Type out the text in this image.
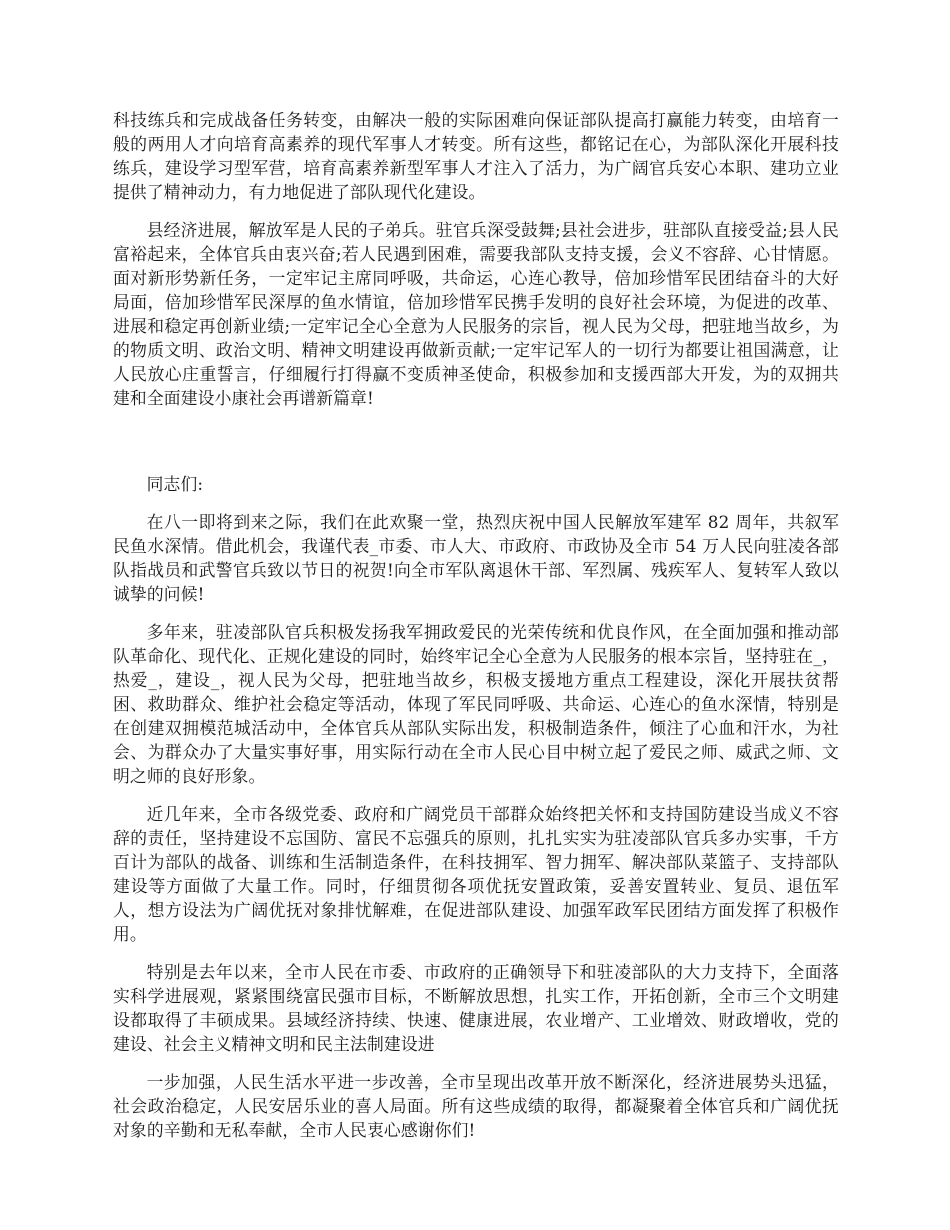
科技练兵和完成战备任务转变，由解决一般的实际困难向保证部队提高打赢能力转变，由培育一般的两用人才向培育高素养的现代军事人才转变。所有这些，都铭记在心，为部队深化开展科技练兵，建设学习型军营，培育高素养新型军事人才注入了活力，为广阔官兵安心本职、建功立业提供了精神动力，有力地促进了部队现代化建设。

县经济进展，解放军是人民的子弟兵。驻官兵深受鼓舞;县社会进步，驻部队直接受益;县人民富裕起来，全体官兵由衷兴奋;若人民遇到困难，需要我部队支持支援，会义不容辞、心甘情愿。面对新形势新任务，一定牢记主席同呼吸，共命运，心连心教导，倍加珍惜军民团结奋斗的大好局面，倍加珍惜军民深厚的鱼水情谊，倍加珍惜军民携手发明的良好社会环境，为促进的改革、进展和稳定再创新业绩;一定牢记全心全意为人民服务的宗旨，视人民为父母，把驻地当故乡，为的物质文明、政治文明、精神文明建设再做新贡献;一定牢记军人的一切行为都要让祖国满意，让人民放心庄重誓言，仔细履行打得赢不变质神圣使命，积极参加和支援西部大开发，为的双拥共建和全面建设小康社会再谱新篇章!

同志们:

在八一即将到来之际，我们在此欢聚一堂，热烈庆祝中国人民解放军建军 82 周年，共叙军民鱼水深情。借此机会，我谨代表_市委、市人大、市政府、市政协及全市 54 万人民向驻凌各部队指战员和武警官兵致以节日的祝贺!向全市军队离退休干部、军烈属、残疾军人、复转军人致以诚挚的问候!

多年来，驻凌部队官兵积极发扬我军拥政爱民的光荣传统和优良作风，在全面加强和推动部队革命化、现代化、正规化建设的同时，始终牢记全心全意为人民服务的根本宗旨，坚持驻在_，热爱_，建设_，视人民为父母，把驻地当故乡，积极支援地方重点工程建设，深化开展扶贫帮困、救助群众、维护社会稳定等活动，体现了军民同呼吸、共命运、心连心的鱼水深情，特别是在创建双拥模范城活动中，全体官兵从部队实际出发，积极制造条件，倾注了心血和汗水，为社会、为群众办了大量实事好事，用实际行动在全市人民心目中树立起了爱民之师、威武之师、文明之师的良好形象。

近几年来，全市各级党委、政府和广阔党员干部群众始终把关怀和支持国防建设当成义不容辞的责任，坚持建设不忘国防、富民不忘强兵的原则，扎扎实实为驻凌部队官兵多办实事，千方百计为部队的战备、训练和生活制造条件，在科技拥军、智力拥军、解决部队菜篮子、支持部队建设等方面做了大量工作。同时，仔细贯彻各项优抚安置政策，妥善安置转业、复员、退伍军人，想方设法为广阔优抚对象排忧解难，在促进部队建设、加强军政军民团结方面发挥了积极作用。

特别是去年以来，全市人民在市委、市政府的正确领导下和驻凌部队的大力支持下，全面落实科学进展观，紧紧围绕富民强市目标，不断解放思想，扎实工作，开拓创新，全市三个文明建设都取得了丰硕成果。县域经济持续、快速、健康进展，农业增产、工业增效、财政增收，党的建设、社会主义精神文明和民主法制建设进

一步加强，人民生活水平进一步改善，全市呈现出改革开放不断深化，经济进展势头迅猛，社会政治稳定，人民安居乐业的喜人局面。所有这些成绩的取得，都凝聚着全体官兵和广阔优抚对象的辛勤和无私奉献，全市人民衷心感谢你们!
